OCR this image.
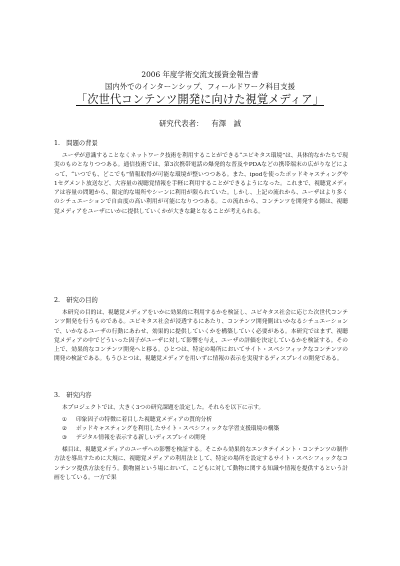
2006 年度学術交流支援資金報告書
国内外でのインターンシップ、フィールドワーク科目支援
「次世代コンテンツ開発に向けた視覚メディア」
研究代表者： 有澤　誠
1.　問題の背景
ユーザが意識することなくネットワーク技術を利用することができる“ユビキタス環境”は、具体的なかたちで現実のものとなりつつある。通信技術では、第3次携帯電話の爆発的な普及やPDAなどの携帯端末の広がりなどによって、“いつでも、どこでも”情報取得が可能な環境が整いつつある。また、ipodを使ったポッドキャスティングや1セグメント放送など、大容量の視聴覚情報を手軽に利用することができるようになった。これまで、視聴覚メディアは容量の問題から、限定的な場所やシーンに利用が限られていた。しかし、上記の流れから、ユーザはより多くのシチュエーションで自由度の高い利用が可能になりつつある。この流れから、コンテンツを開発する側は、視聴覚メディアをユーザにいかに提供していくかが大きな鍵となることが考えられる。
2.　研究の目的
本研究の目的は、視聴覚メディアをいかに効果的に利用するかを検証し、ユビキタス社会に応じた次世代コンテンツ開発を行うものである。ユビキタス社会が浸透するにあたり、コンテンツ開発側はいかなるシチュエーションで、いかなるユーザの行動にあわせ、効果的に提供していくかを構築していく必要がある。本研究ではまず、視聴覚メディアの中でどういった因子がユーザに対して影響を与え、ユーザの評価を決定しているかを検証する。その上で、効果的なコンテンツ開発へと移る。ひとつは、特定の場所においてサイト・スペシフィックなコンテンツの開発の検証である。もうひとつは、視聴覚メディアを用いずに情報の表示を実現するディスプレイの開発である。
3.　研究内容
本プロジェクトでは、大きく3つの研究課題を設定した。それらを以下に示す。
① 印象因子の特徴に着目した視聴覚メディアの質的分析
② ポッドキャスティングを利用したサイト・スペシフィックな学習支援環境の構築
③ デジタル情報を表示する新しいディスプレイの開発
様目は、視聴覚メディアのユーザへの影響を検証する。そこから効果的なエンタテイメント・コンテンツの制作方法を導出すために大規に、視聴覚メディアの利用法として、特定の場所を設定するサイト・スペシフィックなコンテンツ提供方法を行う。動物園という場において、こどもに対して動物に関する知識や情報を提供するという計画をしている。一方で果
